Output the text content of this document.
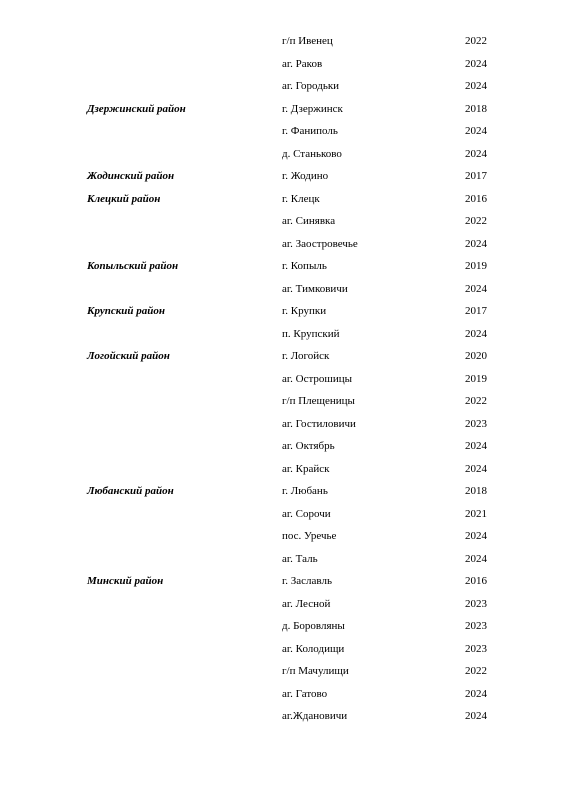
г/п Ивенец	2022
аг. Раков	2024
аг. Городьки	2024
Дзержинский район	г. Дзержинск	2018
г. Фаниполь	2024
д. Станьково	2024
Жодинский район	г. Жодино	2017
Клецкий район	г. Клецк	2016
аг. Синявка	2022
аг. Заостровечье	2024
Копыльский район	г. Копыль	2019
аг. Тимковичи	2024
Крупский район	г. Крупки	2017
п. Крупский	2024
Логойский район	г. Логойск	2020
аг. Острошицы	2019
г/п Плещеницы	2022
аг. Гостиловичи	2023
аг. Октябрь	2024
аг. Крайск	2024
Любанский район	г. Любань	2018
аг. Сорочи	2021
пос. Уречье	2024
аг. Таль	2024
Минский район	г. Заславль	2016
аг. Лесной	2023
д. Боровляны	2023
аг. Колодищи	2023
г/п Мачулищи	2022
аг. Гатово	2024
аг.Ждановичи	2024
